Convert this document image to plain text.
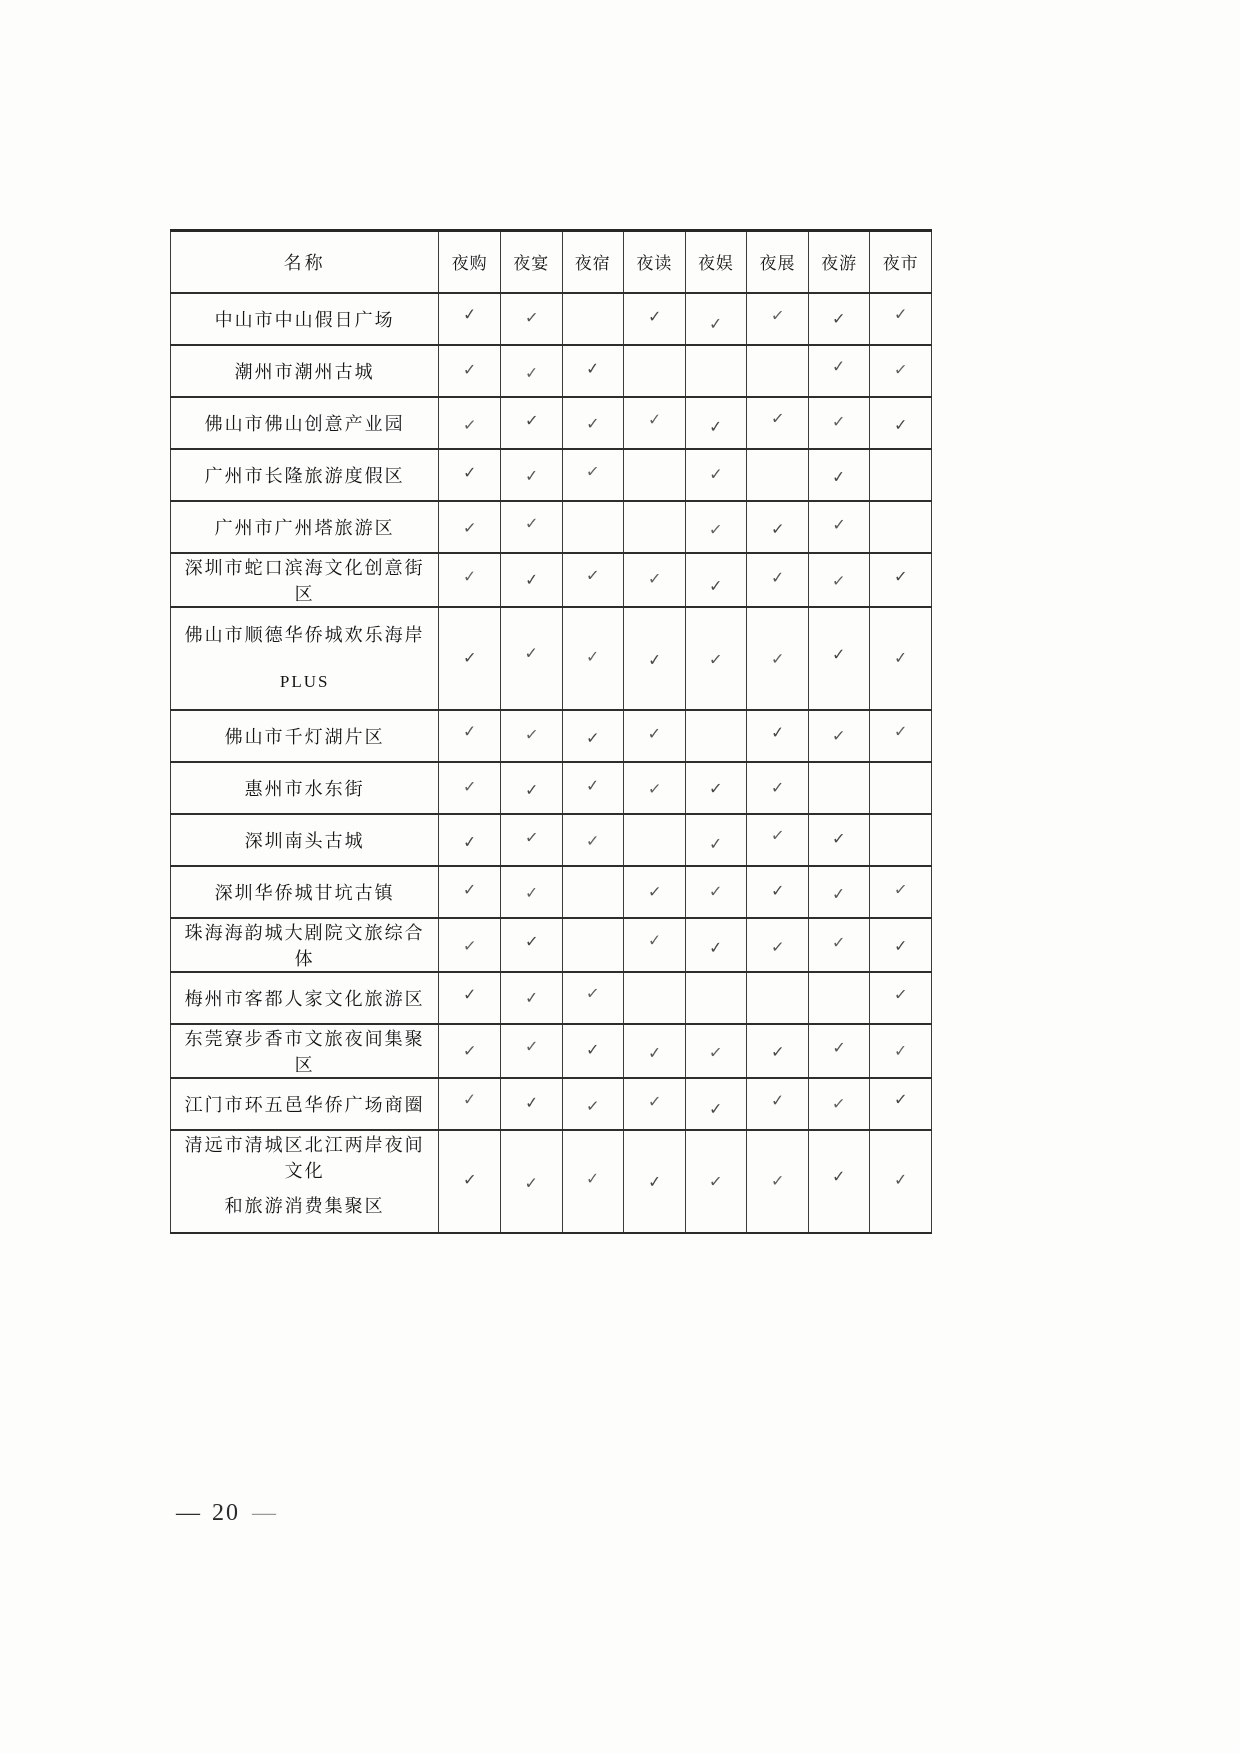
名称	夜购	夜宴	夜宿	夜读	夜娱	夜展	夜游	夜市
中山市中山假日广场	✓	✓		✓	✓	✓	✓	✓
潮州市潮州古城	✓	✓	✓				✓	✓
佛山市佛山创意产业园	✓	✓	✓	✓	✓	✓	✓	✓
广州市长隆旅游度假区	✓	✓	✓		✓		✓	
广州市广州塔旅游区	✓	✓			✓	✓	✓	
深圳市蛇口滨海文化创意街区	✓	✓	✓	✓	✓	✓	✓	✓

佛山市顺德华侨城欢乐海岸
PLUS	✓	✓	✓	✓	✓	✓	✓	✓
佛山市千灯湖片区	✓	✓	✓	✓		✓	✓	✓
惠州市水东街	✓	✓	✓	✓	✓	✓		
深圳南头古城	✓	✓	✓		✓	✓	✓	
深圳华侨城甘坑古镇	✓	✓		✓	✓	✓	✓	✓
珠海海韵城大剧院文旅综合体	✓	✓		✓	✓	✓	✓	✓
梅州市客都人家文化旅游区	✓	✓	✓					✓
东莞寮步香市文旅夜间集聚区	✓	✓	✓	✓	✓	✓	✓	✓
江门市环五邑华侨广场商圈	✓	✓	✓	✓	✓	✓	✓	✓

清远市清城区北江两岸夜间文化
和旅游消费集聚区	✓	✓	✓	✓	✓	✓	✓	✓
— 20 —
